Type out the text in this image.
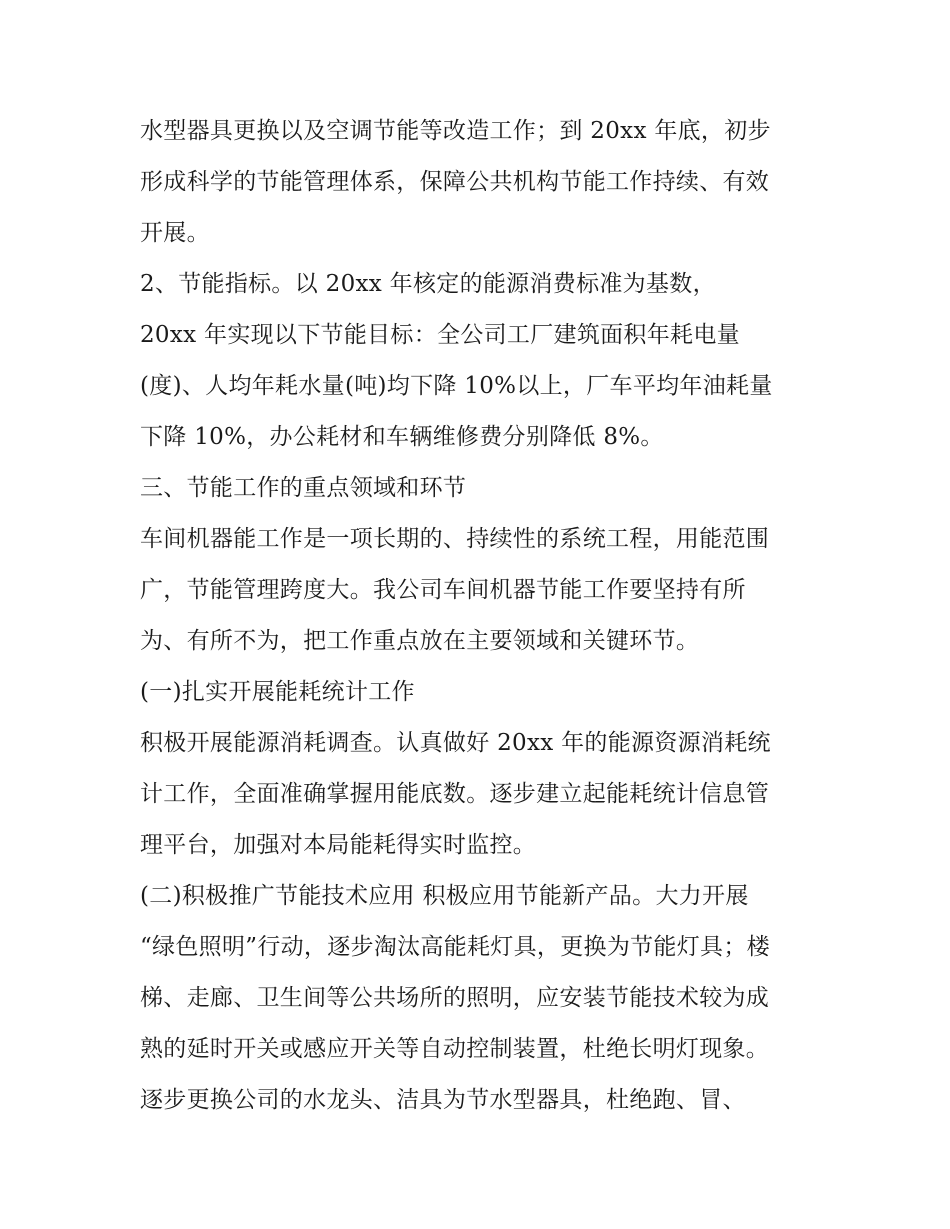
水型器具更换以及空调节能等改造工作；到 20xx 年底，初步
形成科学的节能管理体系，保障公共机构节能工作持续、有效
开展。
2、节能指标。以 20xx 年核定的能源消费标准为基数，
20xx 年实现以下节能目标：全公司工厂建筑面积年耗电量
(度)、人均年耗水量(吨)均下降 10%以上，厂车平均年油耗量
下降 10%，办公耗材和车辆维修费分别降低 8%。
三、节能工作的重点领域和环节
车间机器能工作是一项长期的、持续性的系统工程，用能范围
广，节能管理跨度大。我公司车间机器节能工作要坚持有所
为、有所不为，把工作重点放在主要领域和关键环节。
(一)扎实开展能耗统计工作
积极开展能源消耗调查。认真做好 20xx 年的能源资源消耗统
计工作，全面准确掌握用能底数。逐步建立起能耗统计信息管
理平台，加强对本局能耗得实时监控。
(二)积极推广节能技术应用 积极应用节能新产品。大力开展
“绿色照明”行动，逐步淘汰高能耗灯具，更换为节能灯具；楼
梯、走廊、卫生间等公共场所的照明，应安装节能技术较为成
熟的延时开关或感应开关等自动控制装置，杜绝长明灯现象。
逐步更换公司的水龙头、洁具为节水型器具，杜绝跑、冒、
